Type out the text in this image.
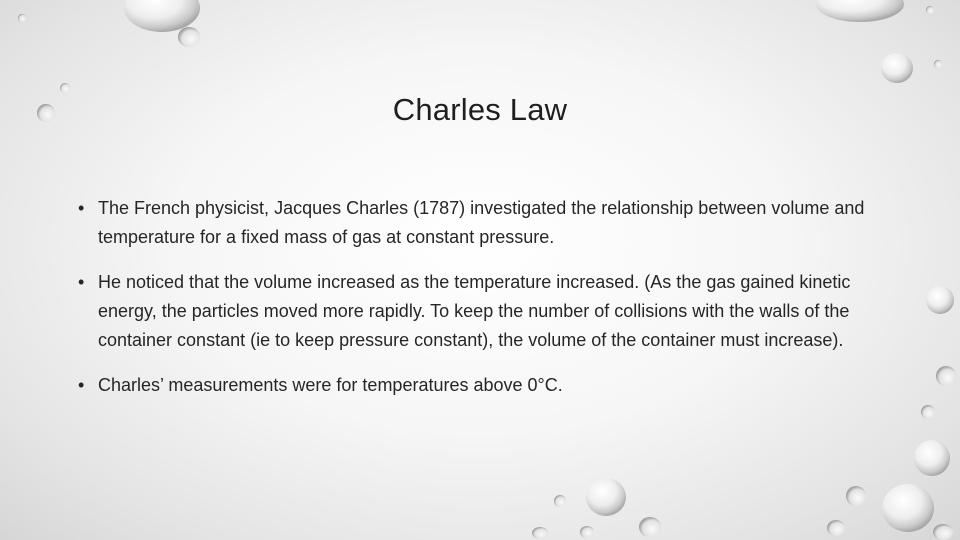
Charles Law
• The French physicist, Jacques Charles (1787) investigated the relationship between volume and temperature for a fixed mass of gas at constant pressure.
• He noticed that the volume increased as the temperature increased. (As the gas gained kinetic energy, the particles moved more rapidly. To keep the number of collisions with the walls of the container constant (ie to keep pressure constant), the volume of the container must increase).
• Charles’ measurements were for temperatures above 0°C.
